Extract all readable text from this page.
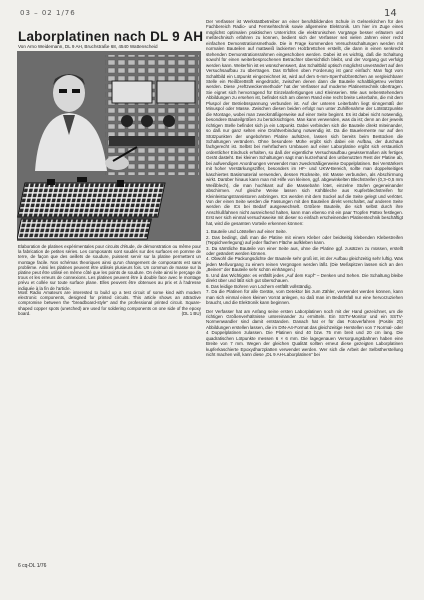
03 – 02 1/76	14
Laborplatinen nach DL 9 AH
Von Arno Weidemann, DL 9 AH, Bruchstraße 68, 4540 Wattenscheid
Elaboration de platines expérimentales pour circuits d'étude, de démonstration ou même pour la fabrication de petites séries. Les composants sont soudés sur des surfaces en pomme de terre, de façon que des oeillets de soudure, puissent servir sur la platine permettent un montage facile. Nos schémas theoriques ainsi qu'un changement de composants est sans problème. Ainsi les platines peuvent être utilisés plusieurs fois. Un commun de masse sur la platine peut être utilisé en même côté que les points de soudure. On évite ainsi le perçage de trous et les erreurs de connexions. Les platines peuvent être à double face avec le montage prévu et collée sur toute surface plane. Elles peuvent être obtenues au prix et à l'adresse indiquée à la fin de l'article.
Most Radio Amateurs are interested to build up a test circuit of some kind with modern electronic components, designed for printed circuits. This article shows an attractive compromise between the "breadboard-style" and the professional printed circuit. Square-shaped copper spots (unetched) are used for soldering components on one side of the epoxy board.	(DL 1 BU)

Der Verfasser ist Werkstattbetreiber an einer berufsbildenden Schule in Gelsenkirchen für den Fachbereich Radio- und Fernsehtechnik sowie allgemeine Elektronik. Um hier im Zuge eines möglichst optimalen praktischen Unterrichts die elektronischen Vorgänge besser erläutern und meßtechnisch erfahren zu können, bedient sich der Verfasser seit vielen Jahren einer recht einfachen Demonstrationsmethode. Die in Frage kommenden Versuchsschaltungen werden mit normalen Bauteilen auf mattweiß lackierten Holzbrettchen erstellt, die dann in einen senkrecht stehenden Demonstrationsrahmen eingeschoben werden. Dabei ist es wichtig, daß die Schaltung sowohl für einen weiterbesprochenen Betrachter übersichtlich bleibt, und der Vorgang gut verfolgt werden kann. Weiterhin ist es wünschenswert, das Schaltbild optisch möglichst unverändert auf den Versuchsaufbau zu übertragen. Das Erfüllen oben Forderung ist ganz einfach: Man fügt vom Schaltbild ein Lötpunkt eingezeichnet ist, wird auf dem 6-mm-Sperrholzbrettchen an vergleichbarer Stelle ein Reißbrettstift eingedrückt, zwischen denen dann die Bauteile schaltbilgetreu verlötet werden. Diese „Heftzweckenmethode“ hat der Verfasser auf moderne Platinentechnik übertragen. Sie eignet sich hervorragend für Einzelanfertigungen und Kleinserien. Wie aus nebenstehendem Abbildungen zu ersehen ist, befindet sich am oberen Rand eine recht breite Leiterbahn, die mit dem Pluspol der Betriebsspannung verbunden ist. Auf der unteren Leiterbahn liegt sinngemäß der Minuspol oder Masse. Zwischen diesen beiden erfolgt nun unter Zuhilfenahme der Lötstützpunkte die Montage, wobei man zweckmäßigerweise auf einer Seite beginnt. Es ist dabei nicht notwendig, besondere Bauteilgrößen zu berücksichtigen. Man kann verwenden, was da ist; denn an der jeweils richtigen Stelle befindet sich ja ein Lötpunkt. Dabei verbinden sich die Bauteile direkt miteinander, so daß nur ganz selten eine Drahtverbindung notwendig ist. Da die Bauelemente nur auf den Stützpunkten der ungebohrten Platine aufsitzen, lassen sich bereits beim Bestücken die Schaltungen verändern. Ohne besondere Mühe ergibt sich dabei ein Aufbau, der durchaus fachgerecht ist. Selbst bei mehrfachem Umbauen auf einer Laborplatine ergibt sich erstaunlich ordentlicher Eindruck erhalten, so daß der eigentliche Versuchsaufbau gewissermaßen als fertiges Gerät dasteht. Bei kleinen Schaltungen sagt man kurzerhand den unbenutzten Rest der Platine ab, bei aufwendigen Anordnungen verwendet man zweckmäßigerweise Doppelplatinen. Bei Verstärkern mit hoher Verstärkungsziffer, besonders im HF- und UKW-Bereich, sollte man doppelseitiges kaschiertes Basismaterial verwenden, dessen Rückseite, mit Masse verbunden, als Abschirmung wirkt. Darüber hinaus kann man mit Hilfe von kleinen, ggf. abgewinkelten Blechstreifen (0,3–0,5 mm Weißblech), die man hochkant auf die Massebahn lötet, einzelne Stufen gegeneinander abschirmen. Auf gleiche Weise lassen sich Kühlbleche aus Kupferblechstreifen für Kleinleistungstransistoren anbringen. ICs werden mit dem Sockel auf die Seite gelegt und verlötet. Von der einen Seite werden die Fassungen mit den Bauteilen direkt verschaltet, auf anderen Seite werden die ICs bei Bedarf ausgewechselt. Größere Bauteile, die sich selbst durch ihre Anschlußfahnen nicht ausreichend halten, kann man ebenso mit ein paar Tropfen Pattex festlegen. Erst wer sich einmal versuchsweise mit dieser so einfach erscheinenden Platinentechnik beschäftigt hat, wird die gesamten Vorteile erkennen können:

1. Bauteile und Lötstellen auf einer Seite.

2. Das bedingt, daß man die Platine mit einem Kleber oder beidseitig klebenden Klebestreifen (Teppichverlegung) auf jeder flachen Fläche aufkleben kann.

3. Da sämtliche Bauteile von einer Seite aus, ohne die Platine ggf. zusätzen zu müssen, erstellt oder geändert werden können.

4. Obwohl die Packungsdichte der Bauteile sehr groß ist, ist der Aufbau gleichzeitig sehr luftig. Was jeden Meßvorgang zu einem reinen Vergnügen werden läßt. (Die Meßspitzen lassen sich an den „Beinen“ der Bauteile sehr schön einhängen.)

5. Und das Wichtigste: es entfällt jedes „Auf dem Kopf“ – Denken und Sehen. Die Schaltung bleibe direkt über und läßt sich gut überschauen.

6. Das leidige Bohren von Löchern entfällt vollständig.

7. Da die Platinen für alle Geräte, vom Detektor bis zum Zähler, verwendet werden können, kann man sich einmal einen kleinen Vorrat anlegen, so daß man im Bedarfsfall nur eine hervorzuziehen braucht, und die Elektronik kann beginnen.

Der Verfasser hat am Anfang seine ersten Laborplatinen noch mit der Hand gezeichnet, um die richtigen Größenverhältnisse untereinander zu ermitteln. Ein SSTV-Monitor und ein SSTV-Normenwandler sind damit entstanden. Danach hat er für das Fotoverfahren (Positiv 20) Abbildungen erstellen lassen, die im DIN-A4-Format das gleichzeitige Herstellen von 7 Normal- oder 4 Doppelplatinen zulassen. Die Platinen sind 40 bzw. 75 mm breit und 20 cm lang. Die quadratischen Lötpunkte messen 6 × 6 mm. Die lagegenauen Versorgungsbahnen haben eine Breite von 7 mm. Wegen der gleichen Qualität sollten erneut diese gezeigten Laborplatinen kupferkaschierte Epoxydharzplatten verwendet werden. Wer sich die Arbeit der Selbstherstellung nicht machen will, kann diese „DL 9 AH-Laborplatinen“ bei

6 cq-DL 1/76
